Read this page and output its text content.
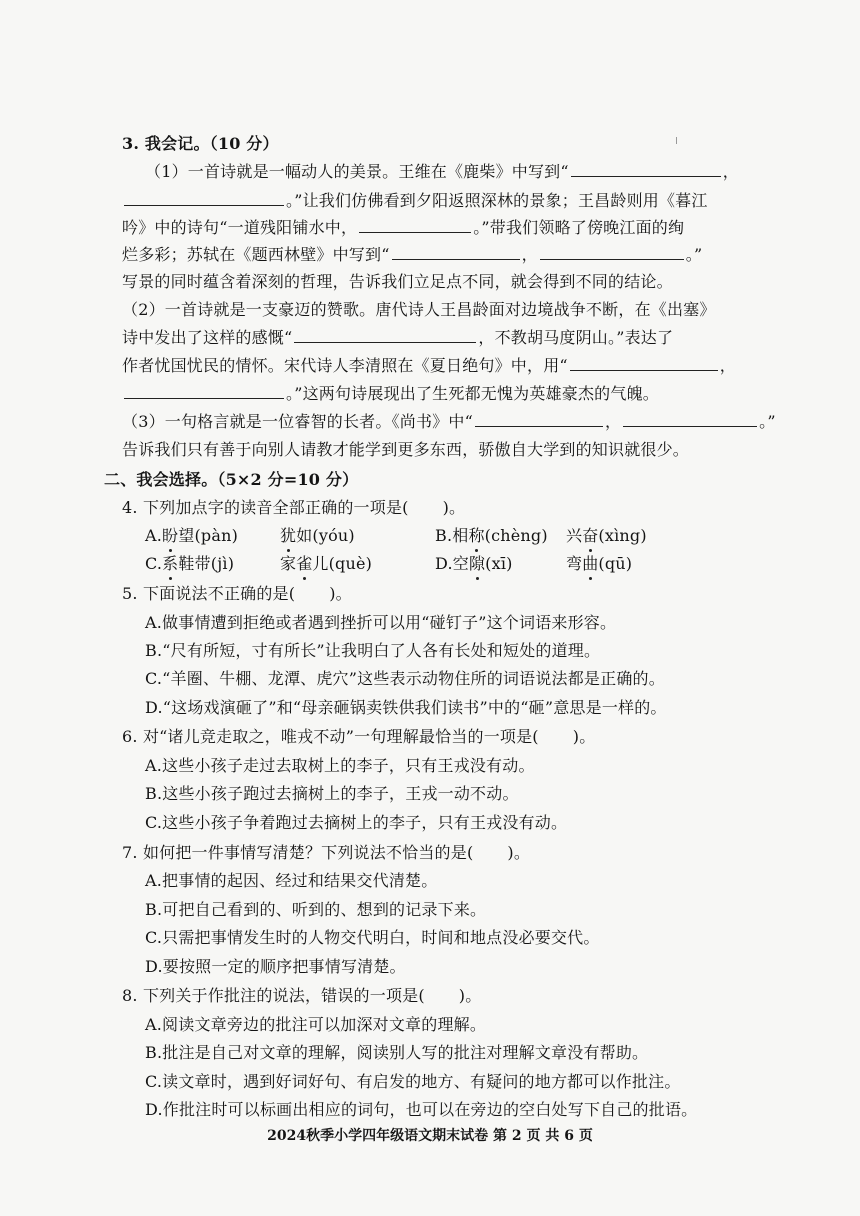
3. 我会记。（10 分）
（1）一首诗就是一幅动人的美景。王维在《鹿柴》中写到“	，
。”让我们仿佛看到夕阳返照深林的景象；王昌龄则用《暮江
吟》中的诗句“一道残阳铺水中，	。”带我们领略了傍晚江面的绚
烂多彩；苏轼在《题西林壁》中写到“	，	。”
写景的同时蕴含着深刻的哲理，告诉我们立足点不同，就会得到不同的结论。
（2）一首诗就是一支豪迈的赞歌。唐代诗人王昌龄面对边境战争不断，在《出塞》
诗中发出了这样的感慨“	，不教胡马度阴山。”表达了
作者忧国忧民的情怀。宋代诗人李清照在《夏日绝句》中，用“	，
。”这两句诗展现出了生死都无愧为英雄豪杰的气魄。
（3）一句格言就是一位睿智的长者。《尚书》中“	，	。”
告诉我们只有善于向别人请教才能学到更多东西，骄傲自大学到的知识就很少。
二、我会选择。（5×2 分=10 分）
4. 下列加点字的读音全部正确的一项是( )。
A.盼望(pàn)	犹如(yóu)	B.相称(chèng) 兴奋(xìng)
C.系鞋带(jì)	家雀儿(què)	D.空隙(xī)	弯曲(qū)
5. 下面说法不正确的是( )。
A.做事情遭到拒绝或者遇到挫折可以用“碰钉子”这个词语来形容。
B.“尺有所短，寸有所长”让我明白了人各有长处和短处的道理。
C.“羊圈、牛棚、龙潭、虎穴”这些表示动物住所的词语说法都是正确的。
D.“这场戏演砸了”和“母亲砸锅卖铁供我们读书”中的“砸”意思是一样的。
6. 对“诸儿竞走取之，唯戎不动”一句理解最恰当的一项是( )。
A.这些小孩子走过去取树上的李子，只有王戎没有动。
B.这些小孩子跑过去摘树上的李子，王戎一动不动。
C.这些小孩子争着跑过去摘树上的李子，只有王戎没有动。
7. 如何把一件事情写清楚？下列说法不恰当的是( )。
A.把事情的起因、经过和结果交代清楚。
B.可把自己看到的、听到的、想到的记录下来。
C.只需把事情发生时的人物交代明白，时间和地点没必要交代。
D.要按照一定的顺序把事情写清楚。
8. 下列关于作批注的说法，错误的一项是( )。
A.阅读文章旁边的批注可以加深对文章的理解。
B.批注是自己对文章的理解，阅读别人写的批注对理解文章没有帮助。
C.读文章时，遇到好词好句、有启发的地方、有疑问的地方都可以作批注。
D.作批注时可以标画出相应的词句，也可以在旁边的空白处写下自己的批语。
2024秋季小学四年级语文期末试卷 第 2 页 共 6 页
